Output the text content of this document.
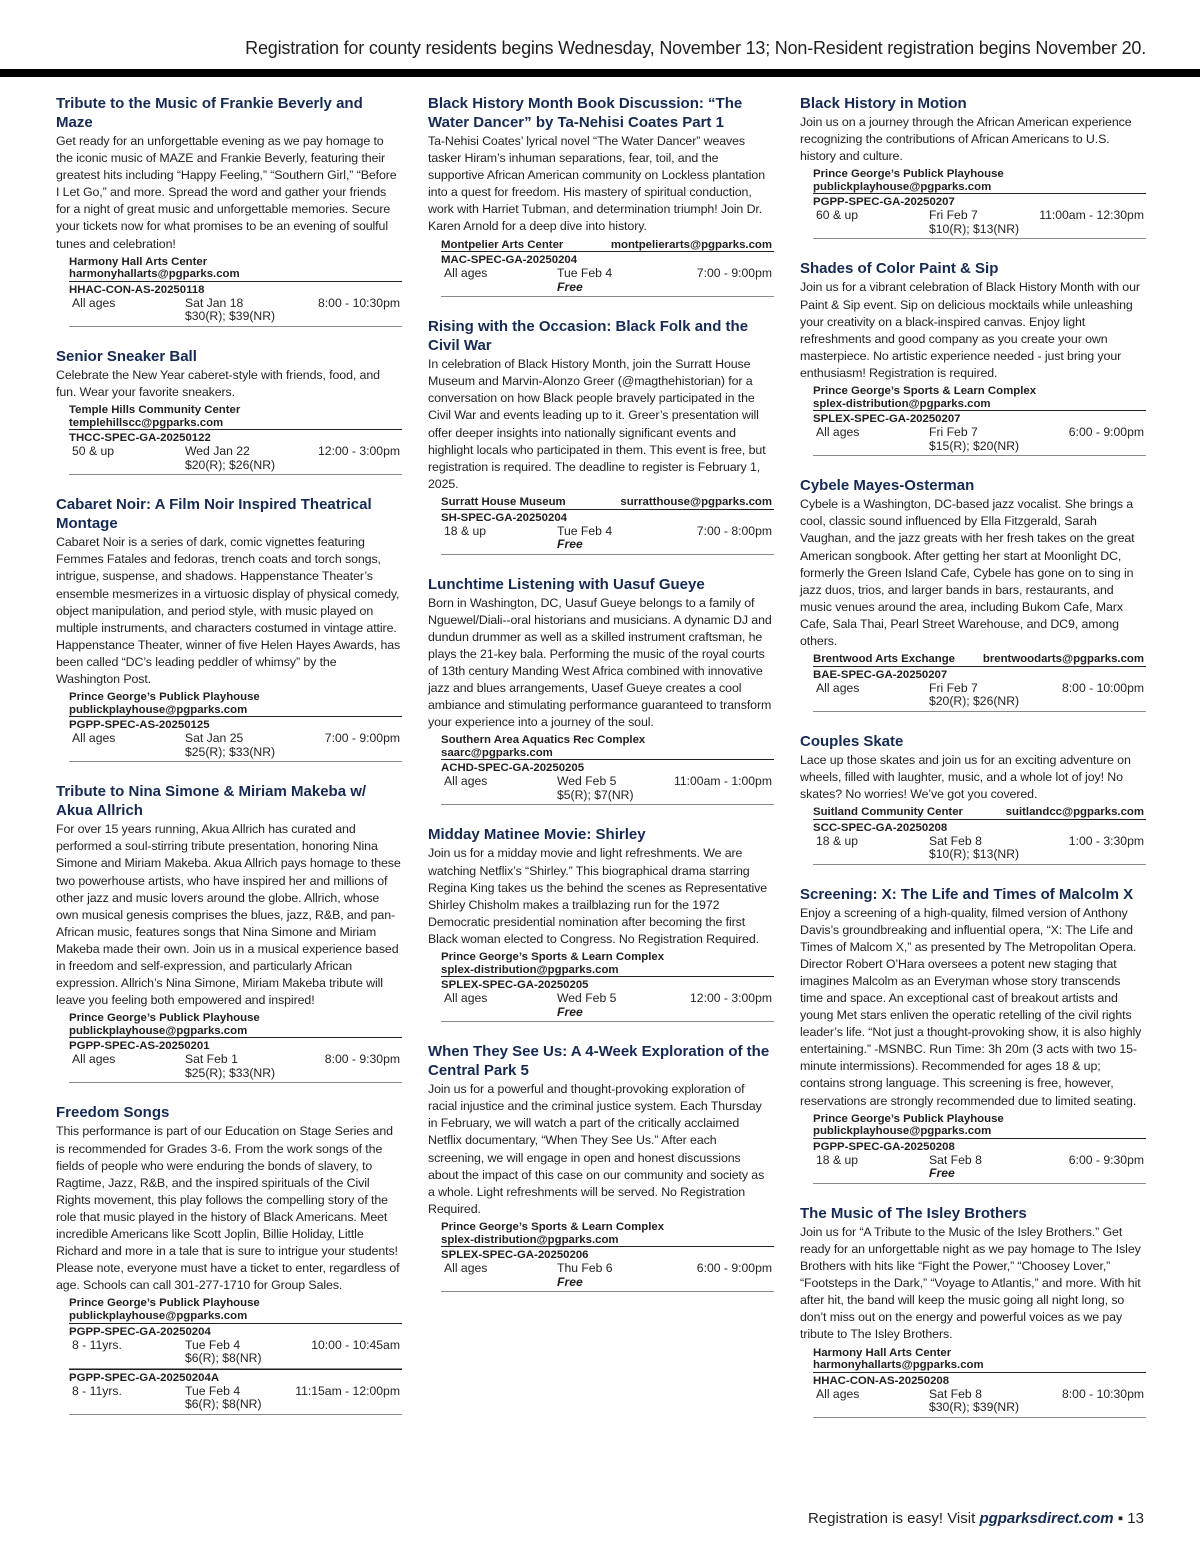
Registration for county residents begins Wednesday, November 13; Non-Resident registration begins November 20.
Tribute to the Music of Frankie Beverly and Maze
Get ready for an unforgettable evening as we pay homage to the iconic music of MAZE and Frankie Beverly, featuring their greatest hits including “Happy Feeling,” “Southern Girl,” “Before I Let Go,” and more. Spread the word and gather your friends for a night of great music and unforgettable memories. Secure your tickets now for what promises to be an evening of soulful tunes and celebration!
Harmony Hall Arts Center
harmonyhallarts@pgparks.com
HHAC-CON-AS-20250118
All ages	Sat Jan 18	8:00 - 10:30pm
$30(R); $39(NR)
Senior Sneaker Ball
Celebrate the New Year caberet-style with friends, food, and fun. Wear your favorite sneakers.
Temple Hills Community Center
templehillscc@pgparks.com
THCC-SPEC-GA-20250122
50 & up	Wed Jan 22	12:00 - 3:00pm
$20(R); $26(NR)
Cabaret Noir: A Film Noir Inspired Theatrical Montage
Cabaret Noir is a series of dark, comic vignettes featuring Femmes Fatales and fedoras, trench coats and torch songs, intrigue, suspense, and shadows. Happenstance Theater’s ensemble mesmerizes in a virtuosic display of physical comedy, object manipulation, and period style, with music played on multiple instruments, and characters costumed in vintage attire. Happenstance Theater, winner of five Helen Hayes Awards, has been called “DC’s leading peddler of whimsy” by the Washington Post.
Prince George’s Publick Playhouse
publickplayhouse@pgparks.com
PGPP-SPEC-AS-20250125
All ages	Sat Jan 25	7:00 - 9:00pm
$25(R); $33(NR)
Tribute to Nina Simone & Miriam Makeba w/ Akua Allrich
For over 15 years running, Akua Allrich has curated and performed a soul-stirring tribute presentation, honoring Nina Simone and Miriam Makeba. Akua Allrich pays homage to these two powerhouse artists, who have inspired her and millions of other jazz and music lovers around the globe. Allrich, whose own musical genesis comprises the blues, jazz, R&B, and pan-African music, features songs that Nina Simone and Miriam Makeba made their own. Join us in a musical experience based in freedom and self-expression, and particularly African expression. Allrich’s Nina Simone, Miriam Makeba tribute will leave you feeling both empowered and inspired!
Prince George’s Publick Playhouse
publickplayhouse@pgparks.com
PGPP-SPEC-AS-20250201
All ages	Sat Feb 1	8:00 - 9:30pm
$25(R); $33(NR)
Freedom Songs
This performance is part of our Education on Stage Series and is recommended for Grades 3-6. From the work songs of the fields of people who were enduring the bonds of slavery, to Ragtime, Jazz, R&B, and the inspired spirituals of the Civil Rights movement, this play follows the compelling story of the role that music played in the history of Black Americans. Meet incredible Americans like Scott Joplin, Billie Holiday, Little Richard and more in a tale that is sure to intrigue your students! Please note, everyone must have a ticket to enter, regardless of age. Schools can call 301-277-1710 for Group Sales.
Prince George’s Publick Playhouse
publickplayhouse@pgparks.com
PGPP-SPEC-GA-20250204
8 - 11yrs.	Tue Feb 4	10:00 - 10:45am
$6(R); $8(NR)
PGPP-SPEC-GA-20250204A
8 - 11yrs.	Tue Feb 4	11:15am - 12:00pm
$6(R); $8(NR)
Black History Month Book Discussion: “The Water Dancer” by Ta-Nehisi Coates Part 1
Ta-Nehisi Coates’ lyrical novel “The Water Dancer” weaves tasker Hiram’s inhuman separations, fear, toil, and the supportive African American community on Lockless plantation into a quest for freedom. His mastery of spiritual conduction, work with Harriet Tubman, and determination triumph! Join Dr. Karen Arnold for a deep dive into history.
Montpelier Arts Center	montpelierarts@pgparks.com
MAC-SPEC-GA-20250204
All ages	Tue Feb 4	7:00 - 9:00pm
Free
Rising with the Occasion: Black Folk and the Civil War
In celebration of Black History Month, join the Surratt House Museum and Marvin-Alonzo Greer (@magthehistorian) for a conversation on how Black people bravely participated in the Civil War and events leading up to it. Greer’s presentation will offer deeper insights into nationally significant events and highlight locals who participated in them. This event is free, but registration is required. The deadline to register is February 1, 2025.
Surratt House Museum	surratthouse@pgparks.com
SH-SPEC-GA-20250204
18 & up	Tue Feb 4	7:00 - 8:00pm
Free
Lunchtime Listening with Uasuf Gueye
Born in Washington, DC, Uasuf Gueye belongs to a family of Nguewel/Diali--oral historians and musicians. A dynamic DJ and dundun drummer as well as a skilled instrument craftsman, he plays the 21-key bala. Performing the music of the royal courts of 13th century Manding West Africa combined with innovative jazz and blues arrangements, Uasef Gueye creates a cool ambiance and stimulating performance guaranteed to transform your experience into a journey of the soul.
Southern Area Aquatics Rec Complex
saarc@pgparks.com
ACHD-SPEC-GA-20250205
All ages	Wed Feb 5	11:00am - 1:00pm
$5(R); $7(NR)
Midday Matinee Movie: Shirley
Join us for a midday movie and light refreshments. We are watching Netflix’s “Shirley.” This biographical drama starring Regina King takes us the behind the scenes as Representative Shirley Chisholm makes a trailblazing run for the 1972 Democratic presidential nomination after becoming the first Black woman elected to Congress. No Registration Required.
Prince George’s Sports & Learn Complex
splex-distribution@pgparks.com
SPLEX-SPEC-GA-20250205
All ages	Wed Feb 5	12:00 - 3:00pm
Free
When They See Us: A 4-Week Exploration of the Central Park 5
Join us for a powerful and thought-provoking exploration of racial injustice and the criminal justice system. Each Thursday in February, we will watch a part of the critically acclaimed Netflix documentary, “When They See Us.” After each screening, we will engage in open and honest discussions about the impact of this case on our community and society as a whole. Light refreshments will be served. No Registration Required.
Prince George’s Sports & Learn Complex
splex-distribution@pgparks.com
SPLEX-SPEC-GA-20250206
All ages	Thu Feb 6	6:00 - 9:00pm
Free
Black History in Motion
Join us on a journey through the African American experience recognizing the contributions of African Americans to U.S. history and culture.
Prince George’s Publick Playhouse
publickplayhouse@pgparks.com
PGPP-SPEC-GA-20250207
60 & up	Fri Feb 7	11:00am - 12:30pm
$10(R); $13(NR)
Shades of Color Paint & Sip
Join us for a vibrant celebration of Black History Month with our Paint & Sip event. Sip on delicious mocktails while unleashing your creativity on a black-inspired canvas. Enjoy light refreshments and good company as you create your own masterpiece. No artistic experience needed - just bring your enthusiasm! Registration is required.
Prince George’s Sports & Learn Complex
splex-distribution@pgparks.com
SPLEX-SPEC-GA-20250207
All ages	Fri Feb 7	6:00 - 9:00pm
$15(R); $20(NR)
Cybele Mayes-Osterman
Cybele is a Washington, DC-based jazz vocalist. She brings a cool, classic sound influenced by Ella Fitzgerald, Sarah Vaughan, and the jazz greats with her fresh takes on the great American songbook. After getting her start at Moonlight DC, formerly the Green Island Cafe, Cybele has gone on to sing in jazz duos, trios, and larger bands in bars, restaurants, and music venues around the area, including Bukom Cafe, Marx Cafe, Sala Thai, Pearl Street Warehouse, and DC9, among others.
Brentwood Arts Exchange brentwoodarts@pgparks.com
BAE-SPEC-GA-20250207
All ages	Fri Feb 7	8:00 - 10:00pm
$20(R); $26(NR)
Couples Skate
Lace up those skates and join us for an exciting adventure on wheels, filled with laughter, music, and a whole lot of joy! No skates? No worries! We’ve got you covered.
Suitland Community Center	suitlandcc@pgparks.com
SCC-SPEC-GA-20250208
18 & up	Sat Feb 8	1:00 - 3:30pm
$10(R); $13(NR)
Screening: X: The Life and Times of Malcolm X
Enjoy a screening of a high-quality, filmed version of Anthony Davis’s groundbreaking and influential opera, “X: The Life and Times of Malcom X,” as presented by The Metropolitan Opera. Director Robert O’Hara oversees a potent new staging that imagines Malcolm as an Everyman whose story transcends time and space. An exceptional cast of breakout artists and young Met stars enliven the operatic retelling of the civil rights leader’s life. “Not just a thought-provoking show, it is also highly entertaining.” -MSNBC. Run Time: 3h 20m (3 acts with two 15-minute intermissions). Recommended for ages 18 & up; contains strong language. This screening is free, however, reservations are strongly recommended due to limited seating.
Prince George’s Publick Playhouse
publickplayhouse@pgparks.com
PGPP-SPEC-GA-20250208
18 & up	Sat Feb 8	6:00 - 9:30pm
Free
The Music of The Isley Brothers
Join us for “A Tribute to the Music of the Isley Brothers.” Get ready for an unforgettable night as we pay homage to The Isley Brothers with hits like “Fight the Power,” “Choosey Lover,” “Footsteps in the Dark,” “Voyage to Atlantis,” and more. With hit after hit, the band will keep the music going all night long, so don’t miss out on the energy and powerful voices as we pay tribute to The Isley Brothers.
Harmony Hall Arts Center
harmonyhallarts@pgparks.com
HHAC-CON-AS-20250208
All ages	Sat Feb 8	8:00 - 10:30pm
$30(R); $39(NR)
Registration is easy! Visit pgparksdirect.com ▪ 13
